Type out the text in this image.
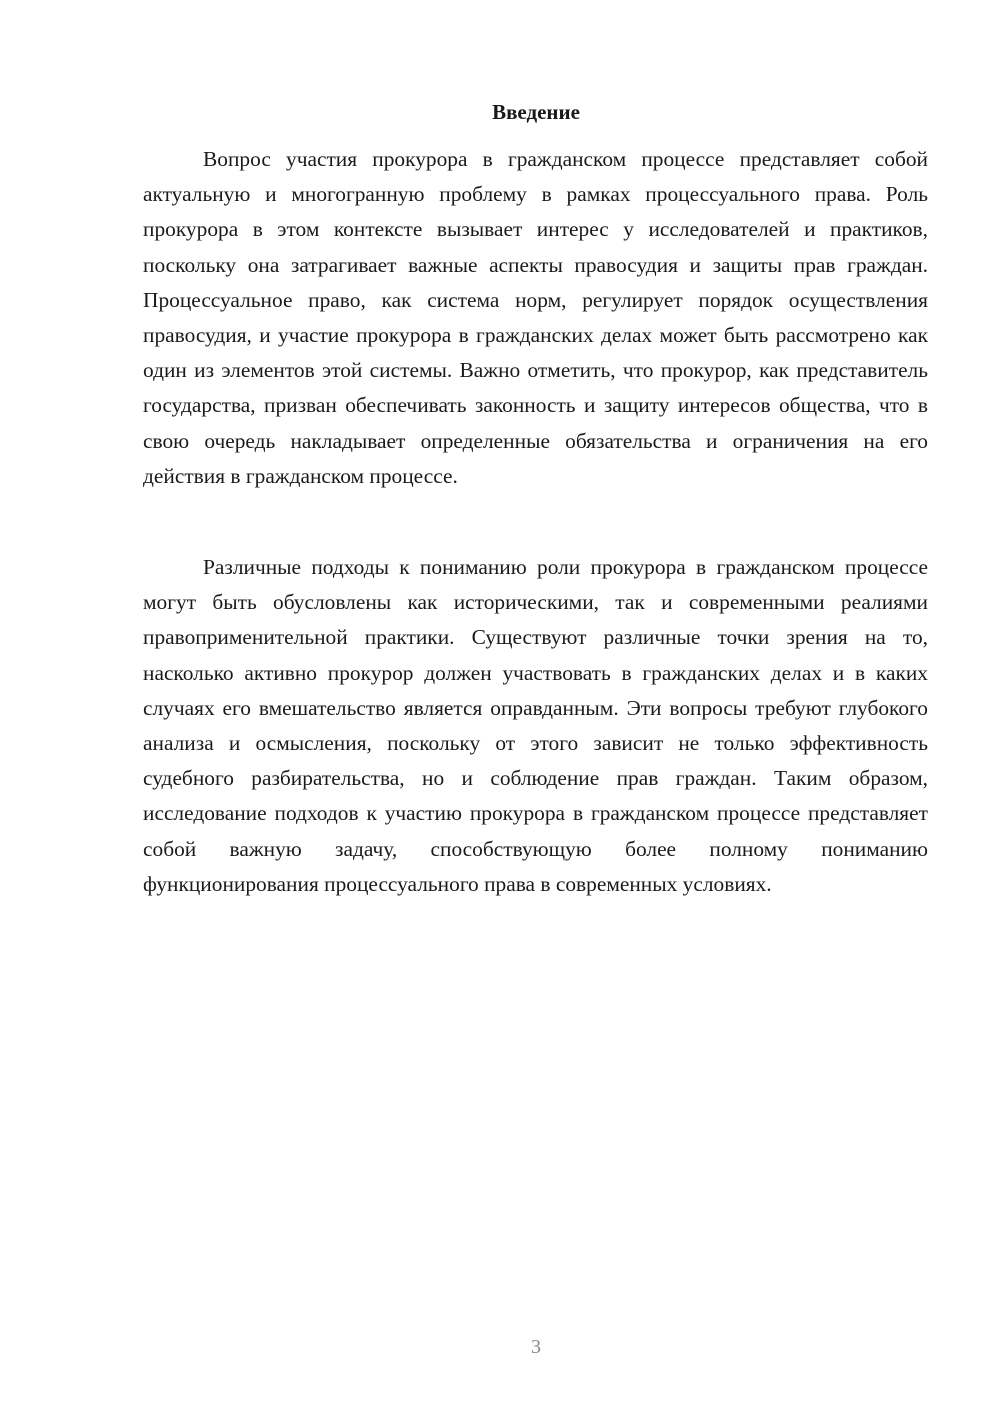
Введение

Вопрос участия прокурора в гражданском процессе представляет собой актуальную и многогранную проблему в рамках процессуального права. Роль прокурора в этом контексте вызывает интерес у исследователей и практиков, поскольку она затрагивает важные аспекты правосудия и защиты прав граждан. Процессуальное право, как система норм, регулирует порядок осуществления правосудия, и участие прокурора в гражданских делах может быть рассмотрено как один из элементов этой системы. Важно отметить, что прокурор, как представитель государства, призван обеспечивать законность и защиту интересов общества, что в свою очередь накладывает определенные обязательства и ограничения на его действия в гражданском процессе.

Различные подходы к пониманию роли прокурора в гражданском процессе могут быть обусловлены как историческими, так и современными реалиями правоприменительной практики. Существуют различные точки зрения на то, насколько активно прокурор должен участвовать в гражданских делах и в каких случаях его вмешательство является оправданным. Эти вопросы требуют глубокого анализа и осмысления, поскольку от этого зависит не только эффективность судебного разбирательства, но и соблюдение прав граждан. Таким образом, исследование подходов к участию прокурора в гражданском процессе представляет собой важную задачу, способствующую более полному пониманию функционирования процессуального права в современных условиях.

3
